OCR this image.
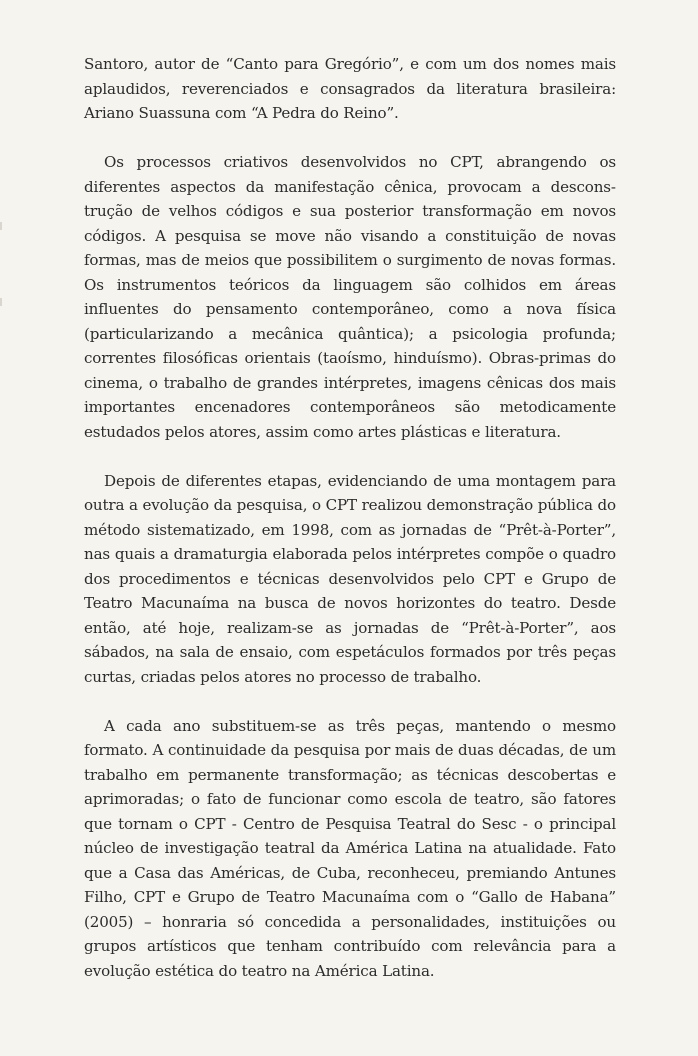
Santoro, autor de “Canto para Gregório”, e com um dos nomes mais aplaudidos, reverenciados e consagrados da literatura brasileira: Ariano Suassuna com “A Pedra do Reino”.

Os processos criativos desenvolvidos no CPT, abrangendo os diferentes aspectos da manifestação cênica, provocam a desconstrução de velhos códigos e sua posterior transformação em novos códigos. A pesquisa se move não visando a constituição de novas formas, mas de meios que possibilitem o surgimento de novas formas. Os instrumentos teóricos da linguagem são colhidos em áreas influentes do pensamento contemporâneo, como a nova física (particularizando a mecânica quântica); a psicologia profunda; correntes filosóficas orientais (taoísmo, hinduísmo). Obras-primas do cinema, o trabalho de grandes intérpretes, imagens cênicas dos mais importantes encenadores contemporâneos são metodicamente estudados pelos atores, assim como artes plásticas e literatura.

Depois de diferentes etapas, evidenciando de uma montagem para outra a evolução da pesquisa, o CPT realizou demonstração pública do método sistematizado, em 1998, com as jornadas de “Prêt-à-Porter”, nas quais a dramaturgia elaborada pelos intérpretes compõe o quadro dos procedimentos e técnicas desenvolvidos pelo CPT e Grupo de Teatro Macunaíma na busca de novos horizontes do teatro. Desde então, até hoje, realizam-se as jornadas de “Prêt-à-Porter”, aos sábados, na sala de ensaio, com espetáculos formados por três peças curtas, criadas pelos atores no processo de trabalho.

A cada ano substituem-se as três peças, mantendo o mesmo formato. A continuidade da pesquisa por mais de duas décadas, de um trabalho em permanente transformação; as técnicas descobertas e aprimoradas; o fato de funcionar como escola de teatro, são fatores que tornam o CPT - Centro de Pesquisa Teatral do Sesc - o principal núcleo de investigação teatral da América Latina na atualidade. Fato que a Casa das Américas, de Cuba, reconheceu, premiando Antunes Filho, CPT e Grupo de Teatro Macunaíma com o “Gallo de Habana” (2005) – honraria só concedida a personalidades, instituições ou grupos artísticos que tenham contribuído com relevância para a evolução estética do teatro na América Latina.
